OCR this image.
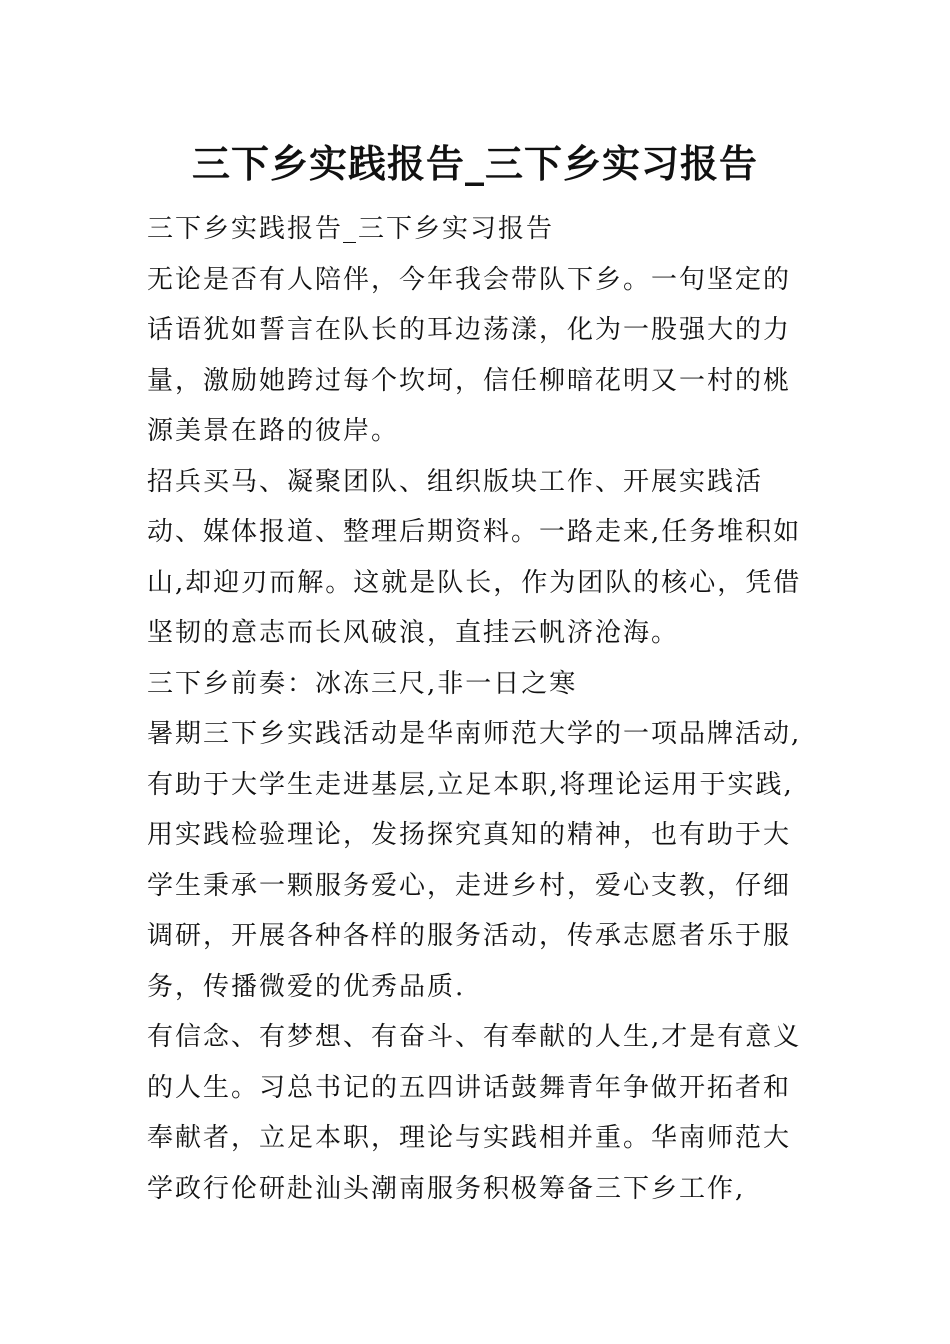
三下乡实践报告_三下乡实习报告

三下乡实践报告_三下乡实习报告

无论是否有人陪伴，今年我会带队下乡。一句坚定的话语犹如誓言在队长的耳边荡漾，化为一股强大的力量，激励她跨过每个坎坷，信任柳暗花明又一村的桃源美景在路的彼岸。

招兵买马、凝聚团队、组织版块工作、开展实践活动、媒体报道、整理后期资料。一路走来,任务堆积如山,却迎刃而解。这就是队长，作为团队的核心，凭借坚韧的意志而长风破浪，直挂云帆济沧海。

三下乡前奏：冰冻三尺,非一日之寒

暑期三下乡实践活动是华南师范大学的一项品牌活动,有助于大学生走进基层,立足本职,将理论运用于实践,用实践检验理论，发扬探究真知的精神，也有助于大学生秉承一颗服务爱心，走进乡村，爱心支教，仔细调研，开展各种各样的服务活动，传承志愿者乐于服务，传播微爱的优秀品质.

有信念、有梦想、有奋斗、有奉献的人生,才是有意义的人生。习总书记的五四讲话鼓舞青年争做开拓者和奉献者，立足本职，理论与实践相并重。华南师范大学政行伦研赴汕头潮南服务积极筹备三下乡工作,
